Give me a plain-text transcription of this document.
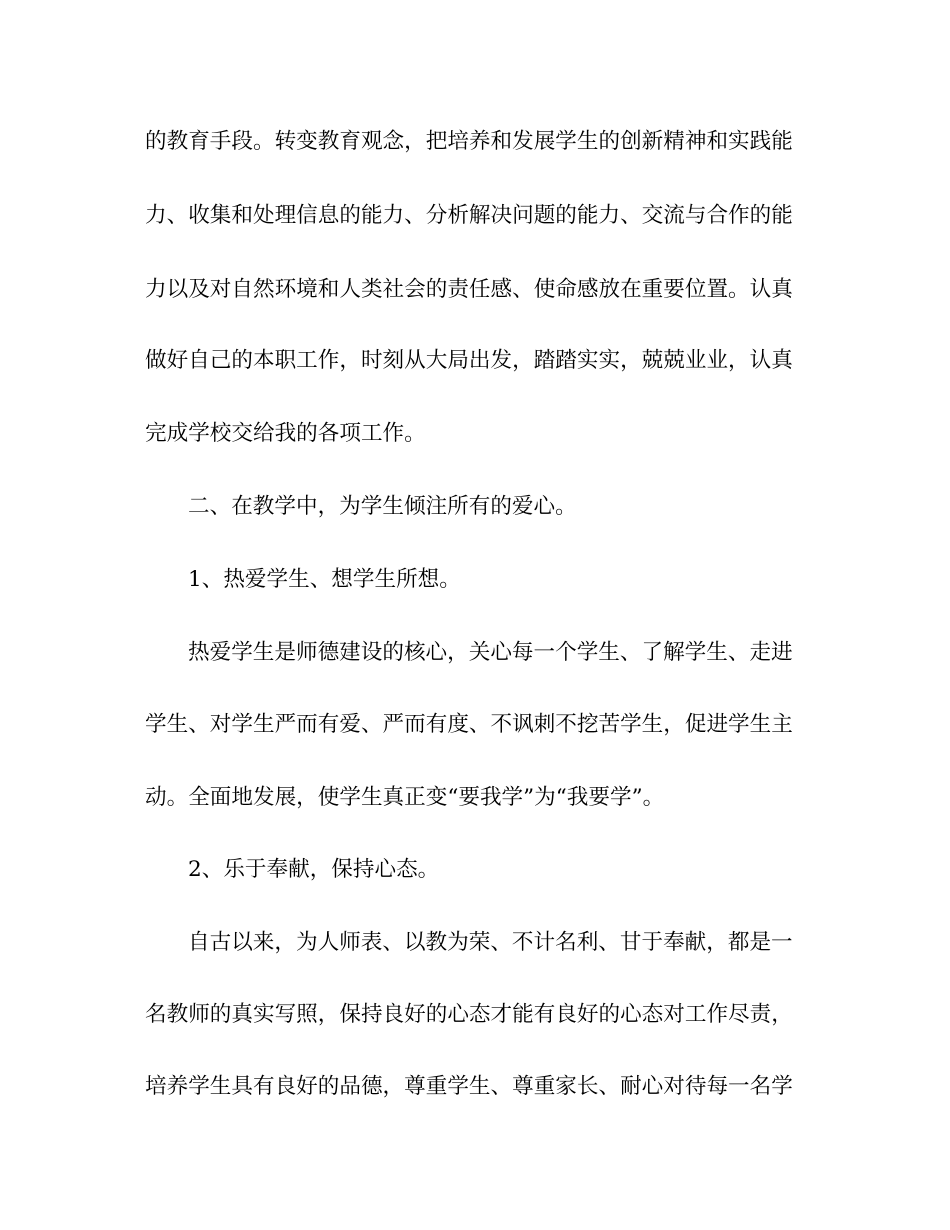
的教育手段。转变教育观念，把培养和发展学生的创新精神和实践能
力、收集和处理信息的能力、分析解决问题的能力、交流与合作的能
力以及对自然环境和人类社会的责任感、使命感放在重要位置。认真
做好自己的本职工作，时刻从大局出发，踏踏实实，兢兢业业，认真
完成学校交给我的各项工作。
二、在教学中，为学生倾注所有的爱心。
1、热爱学生、想学生所想。
热爱学生是师德建设的核心，关心每一个学生、了解学生、走进
学生、对学生严而有爱、严而有度、不讽刺不挖苦学生，促进学生主
动。全面地发展，使学生真正变“要我学”为“我要学”。
2、乐于奉献，保持心态。
自古以来，为人师表、以教为荣、不计名利、甘于奉献，都是一
名教师的真实写照，保持良好的心态才能有良好的心态对工作尽责，
培养学生具有良好的品德，尊重学生、尊重家长、耐心对待每一名学
